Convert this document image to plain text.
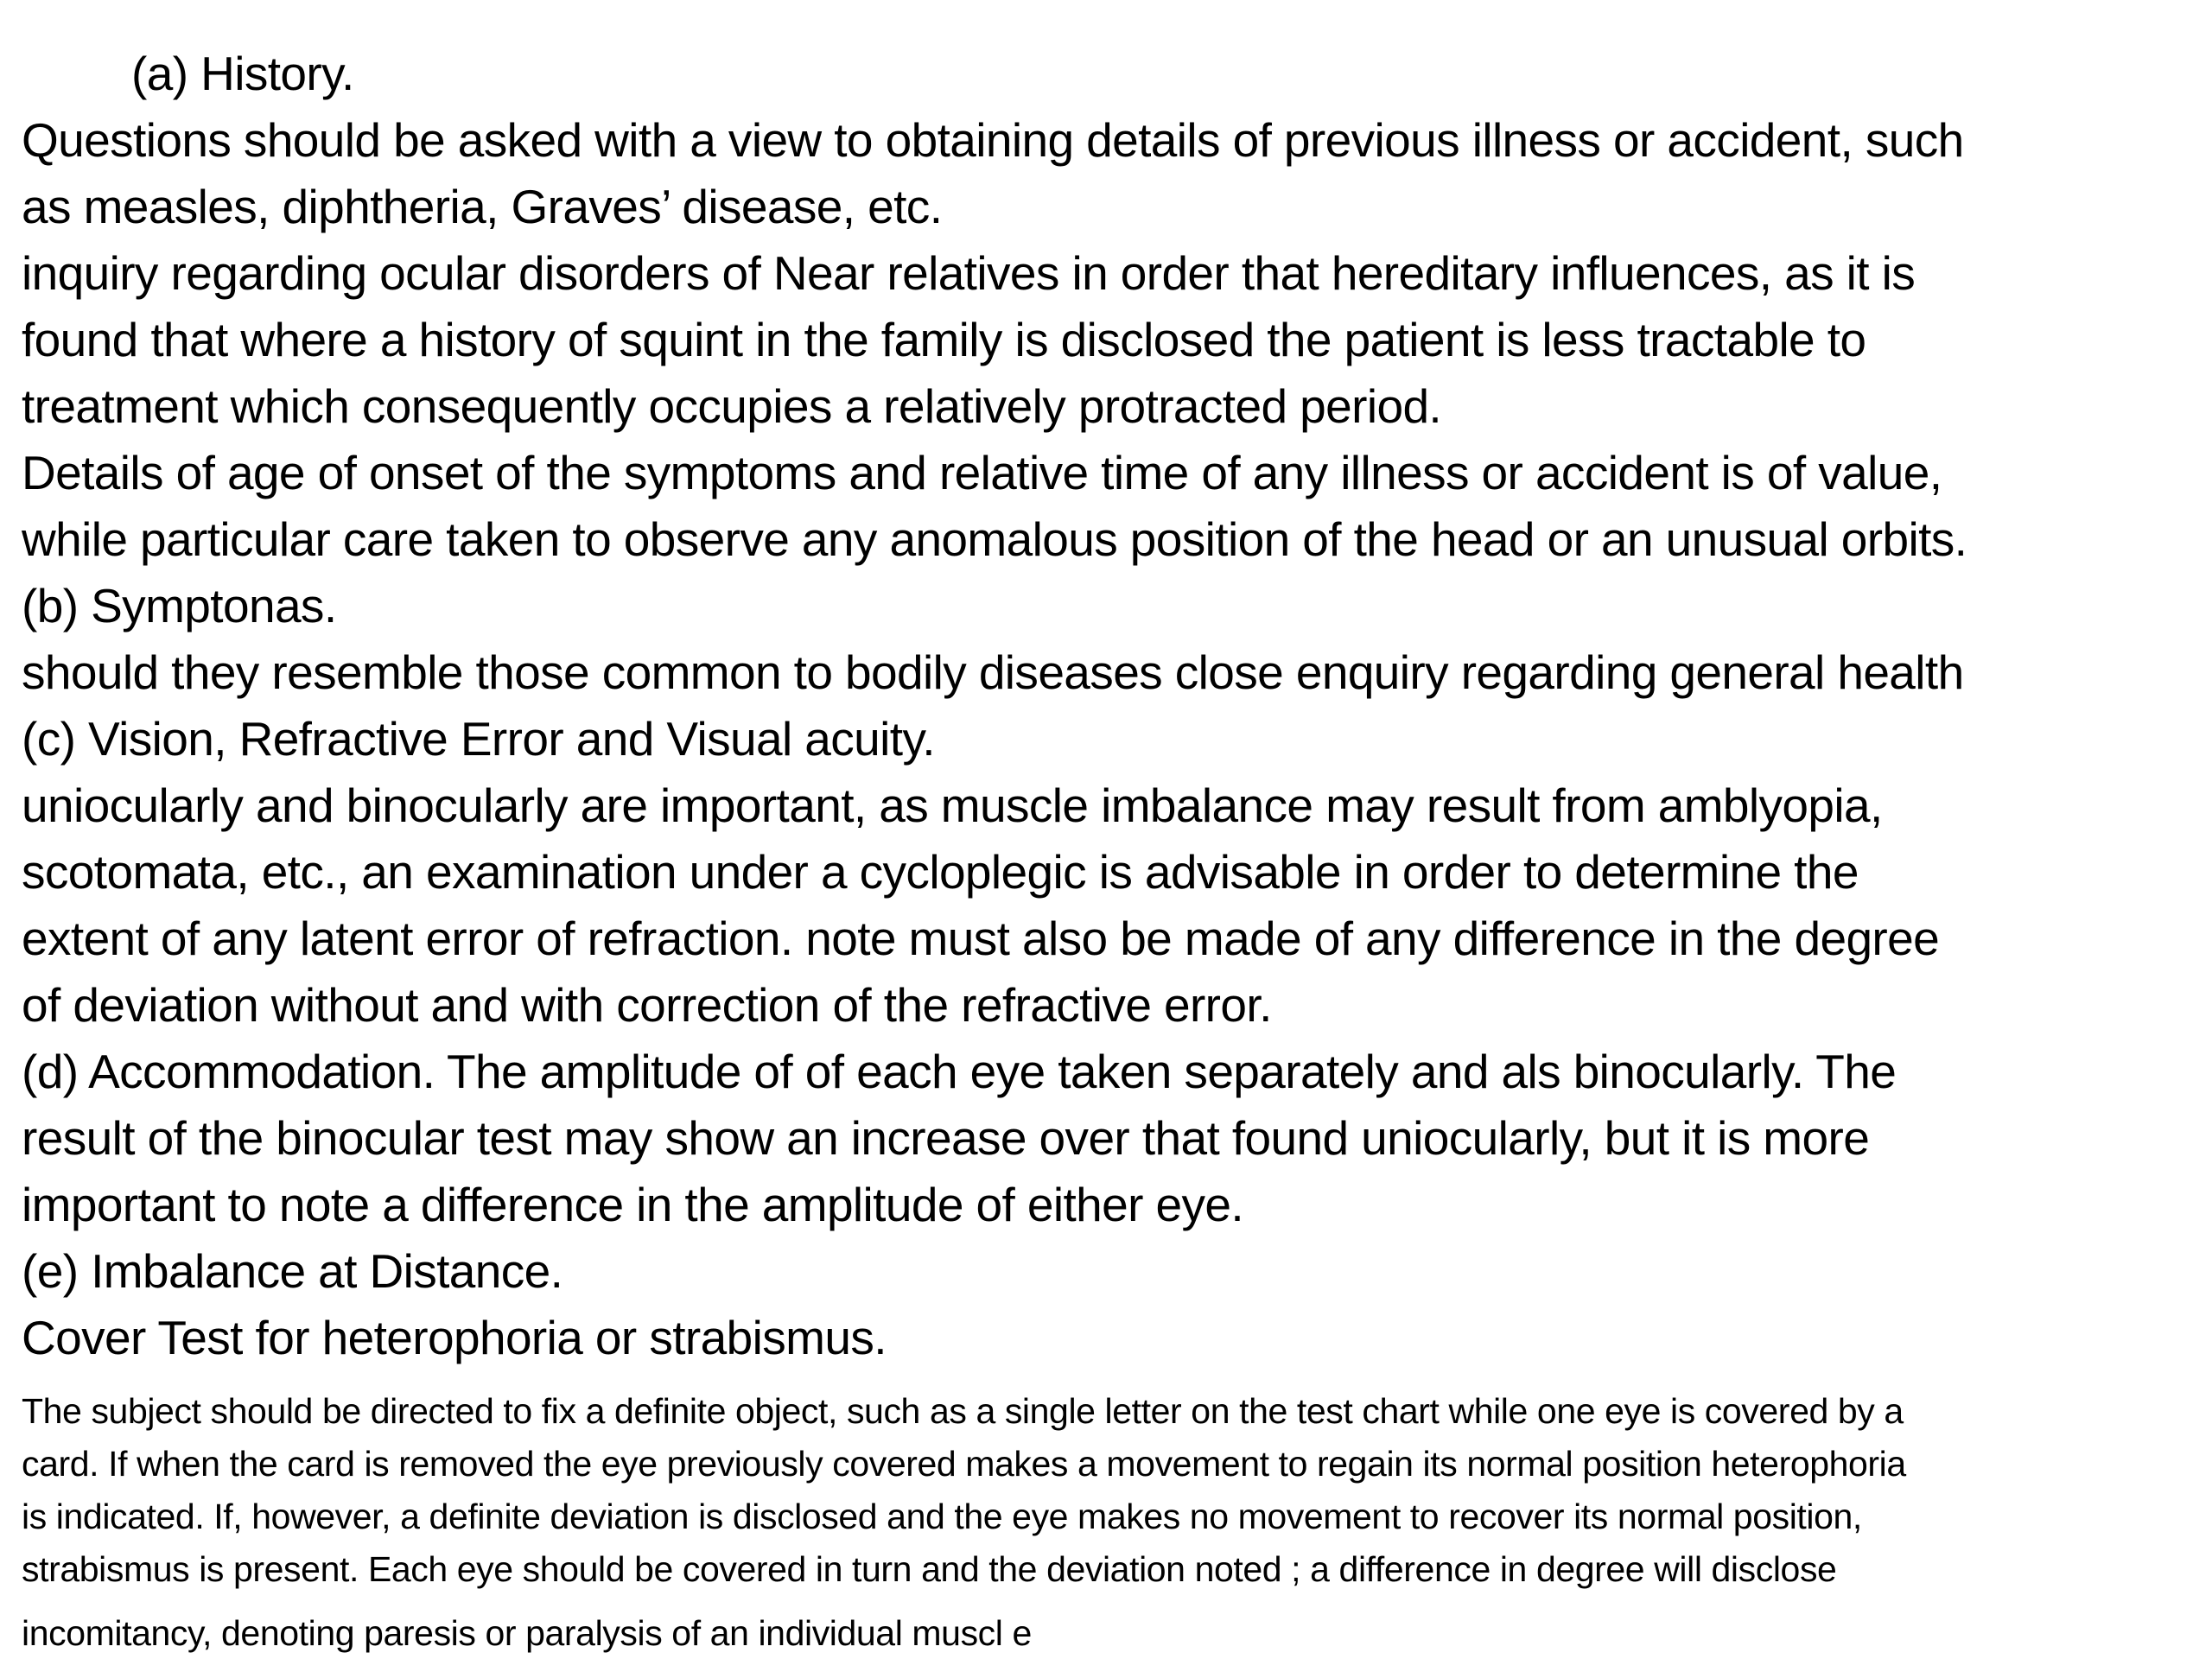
(a) History.
Questions should be asked with a view to obtaining details of previous illness or accident, such
as measles, diphtheria, Graves’ disease, etc.
inquiry regarding ocular disorders of Near relatives in order that hereditary influences, as it is
found that where a history of squint in the family is disclosed the patient is less tractable to
treatment which consequently occupies a relatively protracted period.
Details of age of onset of the symptoms and relative time of any illness or accident is of value,
while particular care taken to observe any anomalous position of the head or an unusual orbits.
(b) Symptonas.
should they resemble those common to bodily diseases close enquiry regarding general health
(c) Vision, Refractive Error and Visual acuity.
uniocularly and binocularly are important, as muscle imbalance may result from amblyopia,
scotomata, etc., an examination under a cycloplegic is advisable in order to determine the
extent of any latent error of refraction. note must also be made of any difference in the degree
of deviation without and with correction of the refractive error.
(d) Accommodation. The amplitude of of each eye taken separately and als binocularly. The
result of the binocular test may show an increase over that found uniocularly, but it is more
important to note a difference in the amplitude of either eye.
(e) Imbalance at Distance.
Cover Test for heterophoria or strabismus.
The subject should be directed to fix a definite object, such as a single letter on the test chart while one eye is covered by a
card. If when the card is removed the eye previously covered makes a movement to regain its normal position heterophoria
is indicated. If, however, a definite deviation is disclosed and the eye makes no movement to recover its normal position,
strabismus is present. Each eye should be covered in turn and the deviation noted ; a difference in degree will disclose
incomitancy, denoting paresis or paralysis of an individual muscl e
